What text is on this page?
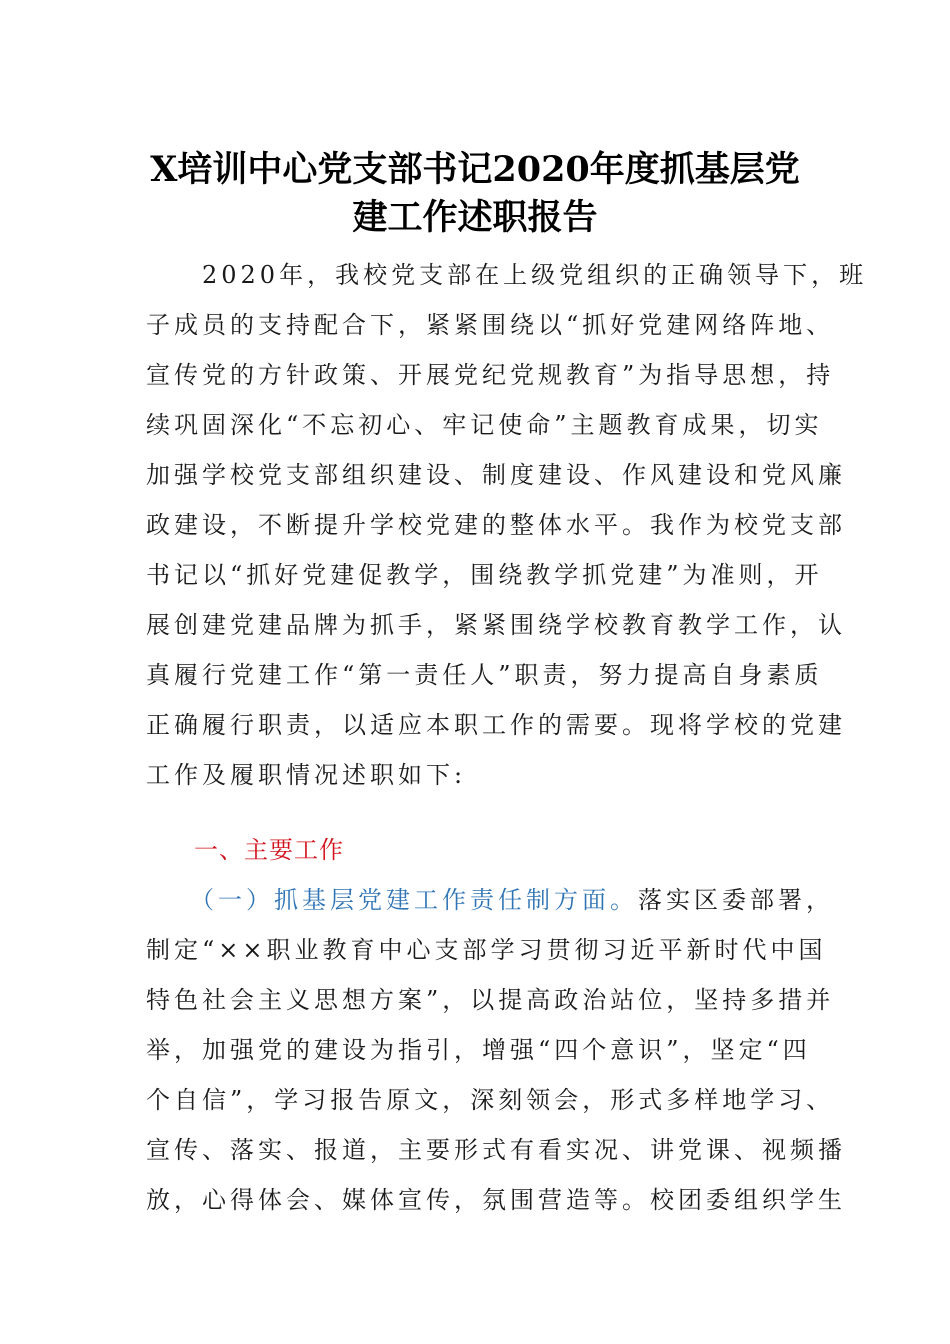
X培训中心党支部书记2020年度抓基层党
建工作述职报告
　　2020年，我校党支部在上级党组织的正确领导下，班
子成员的支持配合下，紧紧围绕以“抓好党建网络阵地、
宣传党的方针政策、开展党纪党规教育”为指导思想，持
续巩固深化“不忘初心、牢记使命”主题教育成果，切实
加强学校党支部组织建设、制度建设、作风建设和党风廉
政建设，不断提升学校党建的整体水平。我作为校党支部
书记以“抓好党建促教学，围绕教学抓党建”为准则，开
展创建党建品牌为抓手，紧紧围绕学校教育教学工作，认
真履行党建工作“第一责任人”职责，努力提高自身素质
正确履行职责，以适应本职工作的需要。现将学校的党建
工作及履职情况述职如下:
一、主要工作
　　（一）抓基层党建工作责任制方面。落实区委部署，
制定“××职业教育中心支部学习贯彻习近平新时代中国
特色社会主义思想方案”，以提高政治站位，坚持多措并
举，加强党的建设为指引，增强“四个意识”，坚定“四
个自信”，学习报告原文，深刻领会，形式多样地学习、
宣传、落实、报道，主要形式有看实况、讲党课、视频播
放，心得体会、媒体宣传，氛围营造等。校团委组织学生
